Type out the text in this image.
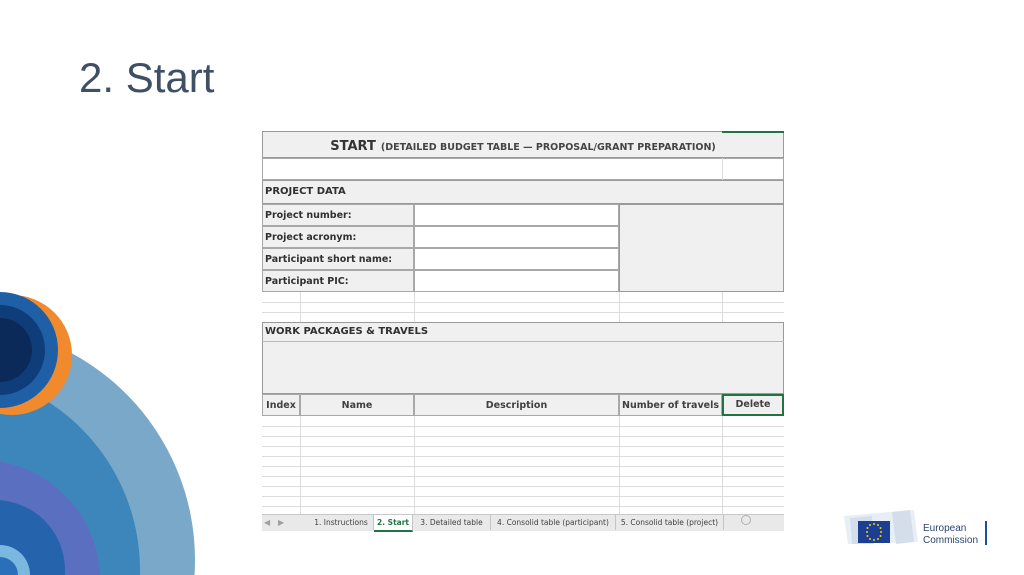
2. Start
START (DETAILED BUDGET TABLE — PROPOSAL/GRANT PREPARATION)
PROJECT DATA
Project number:
Project acronym:
Participant short name:
Participant PIC:
WORK PACKAGES & TRAVELS
Index	Name	Description	Number of travels	Delete
◀ ▶	1. Instructions	2. Start	3. Detailed table	4. Consolid table (participant)	5. Consolid table (project)
European
Commission
